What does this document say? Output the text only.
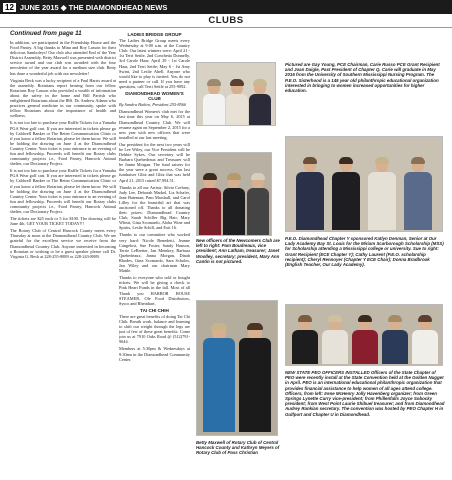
12 JUNE 2015 ◆ THE DIAMONDHEAD NEWS
CLUBS
Continued from page 11

In addition, we participated in the Friendship House and the Food Pantry. A big thanks to Mina and Roy Lasson for their delicious Samboleys! Our club also attended End of the Year District Assembly. Betty Maxwell was presented with district service award and our club was awarded with the four newsletter of the year award for a medium size club. Betty has done a wonderful job with our newsletter!

Virginia Beck was a lucky recipient of a Paul Harris award at the assembly. Rotarians report hearing from our fellow Rotarians Roy Lasson who provided a wealth of information about the safety in the home and Bill Parrish who enlightened Rotarians about the IRS. Dr. Andrew Adams who practices general medicine in our community, spoke with fellow Rotarians about the importance of health and wellness.

It is not too late to purchase your Raffle Tickets for a Yamaha PGA Wear golf cart. If you are interested in tickets please go by Caldwell Banker or The Better Communication Clinic or if you know a fellow Rotarian, please let them know. We will be holding the drawing on June 4 at the Diamondhead Country Center. Your ticket is your entrance to an evening of fun and fellowship. Proceeds will benefit our Rotary clubs community projects i.e., Food Pantry, Hancock Animal shelter, our Dictionary Project.

It is not too late to purchase your Raffle Tickets for a Yamaha PGA Wear golf cart. If you are interested in tickets please go by Caldwell Banker or The Better Communication Clinic or if you know a fellow Rotarian, please let them know. We will be holding the drawing on June 4 at the Diamondhead Country Center. Your ticket is your entrance to an evening of fun and fellowship. Proceeds will benefit our Rotary clubs community projects i.e., Food Pantry, Hancock Animal shelter, our Dictionary Project.

The tickets are $25 each or 5 for $100. The drawing will be June 4th. GET YOUR TICKET TODAY!!!

The Rotary Club of Central Hancock County meets every Thursday at noon at the Diamondhead Country Club. We are grateful for the excellent service we receive from the Diamondhead Country Club. Anyone interested in becoming a Rotarian or wishing to be a guest speaker please call Dr. Virginia G. Beck at 228-255-8889 or 228-243-8889.

LADIES BRIDGE GROUP

The Ladies Bridge Group meets every Wednesday at 9:00 a.m. at the Country Club. Our latest winners were: April 21 - 1st Terri Settle, 2nd Conchetta Donnelly, 3rd Carole Haar; April 29 - 1st Carole Haar, 2nd Terri Settle; May 6 - 1st Amy Swint, 2nd Leslie Abell. Anyone who would like to play is invited. You do not need a partner or call. If you have any questions, call Terri Settle at 255-9092.

DIAMONDHEAD WOMEN'S CLUB

By Sandra Hakiro, President 255-8566

Diamondhead Women's club met for the last time this year on May 6, 2015 at Diamondhead Country Club. We will resume again on September 2, 2015 for a new year with new officers that were installed at our last meeting.

Our president for the next two years will be Lee Wiley, our Vice President will be Debbie Sykes, Our secretary will be Barbara Quebedeaux and Treasurer will be Janna Morgan. The fund raisers for the year were a great success. Our last fundraiser Glitz and Glitz that was held April 21, 2015 raised $7,994.51.

Thanks to all our Artists: Silvia Corbary, Judy Lee, Deborah Markel, Liz Schafer, Jane Bateman, Pam Marshall, and Carol Lilley for the beautiful art that was auctioned off. Thanks to all donating their prizes: Diamondhead Country Club, Sarah Schiller Big Hair, Mary Wheat, Gina Scomardo, Aloha Wine and Spirits, Leslie Schill, and Exit 16.

Thanks to our committee who worked very hard: Nicole Benedetti, Jeanne Cangelosi, Sue Foster, Sandy Hanson, Terrie LeBretter, Jan Meinkey, Barbara Quebedeaux, Janna Morgan, Dinah Rhodes, Gina Scomardo, Sara Scholes, Jan Wiley and our chairman Mary Mattle.

Thanks to everyone who sold or bought tickets. We will be giving a check to Pink Heart Funds in the fall. Most of all Thank you HARBOR HOUSE STEAMER, Ole Food Distributors, Sysco and Rheinhart.

TAI CHI CHIH

There are great benefits of doing Tai Chi Chih. Breath work, balance and learning to shift our weight through the legs are just of few of these great benefits. Come join us at 7910 Oaks Road @ (512)791-9644.

Members at 5:30pm & Wednesdays at 9:30am in the Diamondhead Community Center.

Pictured are Gay Young, PCE Chairman, Carie Russo PCE Grant Recipient and Joan Daigle, Past President of Chapter Q. Carie will graduate in May 2016 from the University of Southern Mississippi Nursing Program. The P.E.O. Sisterhood is a 145 year old philanthropic educational organization interested in bringing to women increased opportunities for higher education.
New officers of the Newcomers Club are left to right: Pam Boudreaux, vice president; Ann Latham, treasurer; Janet Woolley, secretary; president, Mary Ann Cantin is not pictured.
P.E.O. Diamondhead Chapter Y sponsored Katlyn Denman, Senior at Our Lady Academy Bay St. Louis for the Miriam Scarborough Scholarship (MSS) for Scholarship attending a Mississippi college or university. Sue to right: Grant Recipient (ECE Chapter Y); Cathy Laurent (P.E.O. scholarship recipient); Cheryl Rennoyer (Chapter Y ECE Chair); Donna Bradbrook (English Teacher, Our Lady Academy).
Betty Maxwell of Rotary Club of Central Hancock County and Kathryn Meyers of Rotary Club of Pass Christian
NEW STATE PEO OFFICERS INSTALLED Officers of the State Chapter of PEO were recently install at the State Convention held at the Golden Nugget in April. PEO is an international educational philanthropic organization that provides financial assistance to help women of all ages attend college. Officers, from left: Irene McHenry Jolly Havenberg organizer; from Green Springs Lynette Curry vice-president; from Phillenfalls Joyce Sobocky president; from West Point Laurie Shibuel treasurer; and from Diamondhead Audrey Rankian secretary. The convention was hosted by PEO Chapter H in Gulfport and Chapter U in Diamondhead.
